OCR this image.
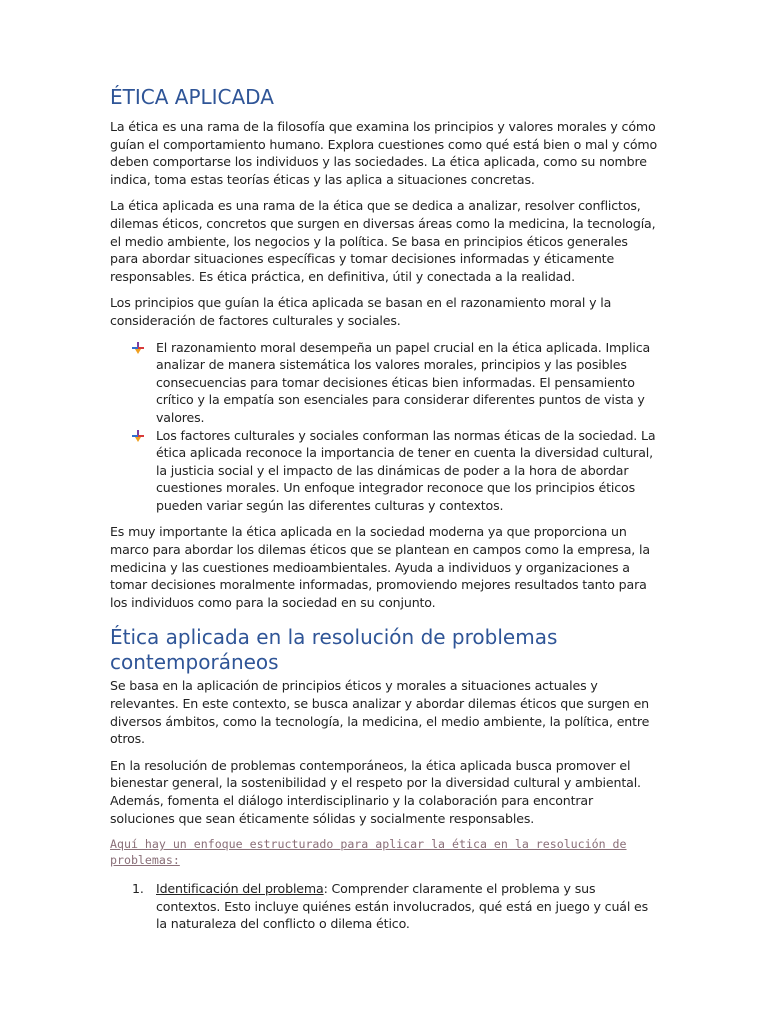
ÉTICA APLICADA

La ética es una rama de la filosofía que examina los principios y valores morales y cómo guían el comportamiento humano. Explora cuestiones como qué está bien o mal y cómo deben comportarse los individuos y las sociedades. La ética aplicada, como su nombre indica, toma estas teorías éticas y las aplica a situaciones concretas.

La ética aplicada es una rama de la ética que se dedica a analizar, resolver conflictos, dilemas éticos, concretos que surgen en diversas áreas como la medicina, la tecnología, el medio ambiente, los negocios y la política. Se basa en principios éticos generales para abordar situaciones específicas y tomar decisiones informadas y éticamente responsables. Es ética práctica, en definitiva, útil y conectada a la realidad.

Los principios que guían la ética aplicada se basan en el razonamiento moral y la consideración de factores culturales y sociales.

El razonamiento moral desempeña un papel crucial en la ética aplicada. Implica analizar de manera sistemática los valores morales, principios y las posibles consecuencias para tomar decisiones éticas bien informadas. El pensamiento crítico y la empatía son esenciales para considerar diferentes puntos de vista y valores.
Los factores culturales y sociales conforman las normas éticas de la sociedad. La ética aplicada reconoce la importancia de tener en cuenta la diversidad cultural, la justicia social y el impacto de las dinámicas de poder a la hora de abordar cuestiones morales. Un enfoque integrador reconoce que los principios éticos pueden variar según las diferentes culturas y contextos.

Es muy importante la ética aplicada en la sociedad moderna ya que proporciona un marco para abordar los dilemas éticos que se plantean en campos como la empresa, la medicina y las cuestiones medioambientales. Ayuda a individuos y organizaciones a tomar decisiones moralmente informadas, promoviendo mejores resultados tanto para los individuos como para la sociedad en su conjunto.

Ética aplicada en la resolución de problemas contemporáneos

Se basa en la aplicación de principios éticos y morales a situaciones actuales y relevantes. En este contexto, se busca analizar y abordar dilemas éticos que surgen en diversos ámbitos, como la tecnología, la medicina, el medio ambiente, la política, entre otros.

En la resolución de problemas contemporáneos, la ética aplicada busca promover el bienestar general, la sostenibilidad y el respeto por la diversidad cultural y ambiental. Además, fomenta el diálogo interdisciplinario y la colaboración para encontrar soluciones que sean éticamente sólidas y socialmente responsables.

Aquí hay un enfoque estructurado para aplicar la ética en la resolución de problemas:

1. Identificación del problema: Comprender claramente el problema y sus contextos. Esto incluye quiénes están involucrados, qué está en juego y cuál es la naturaleza del conflicto o dilema ético.
